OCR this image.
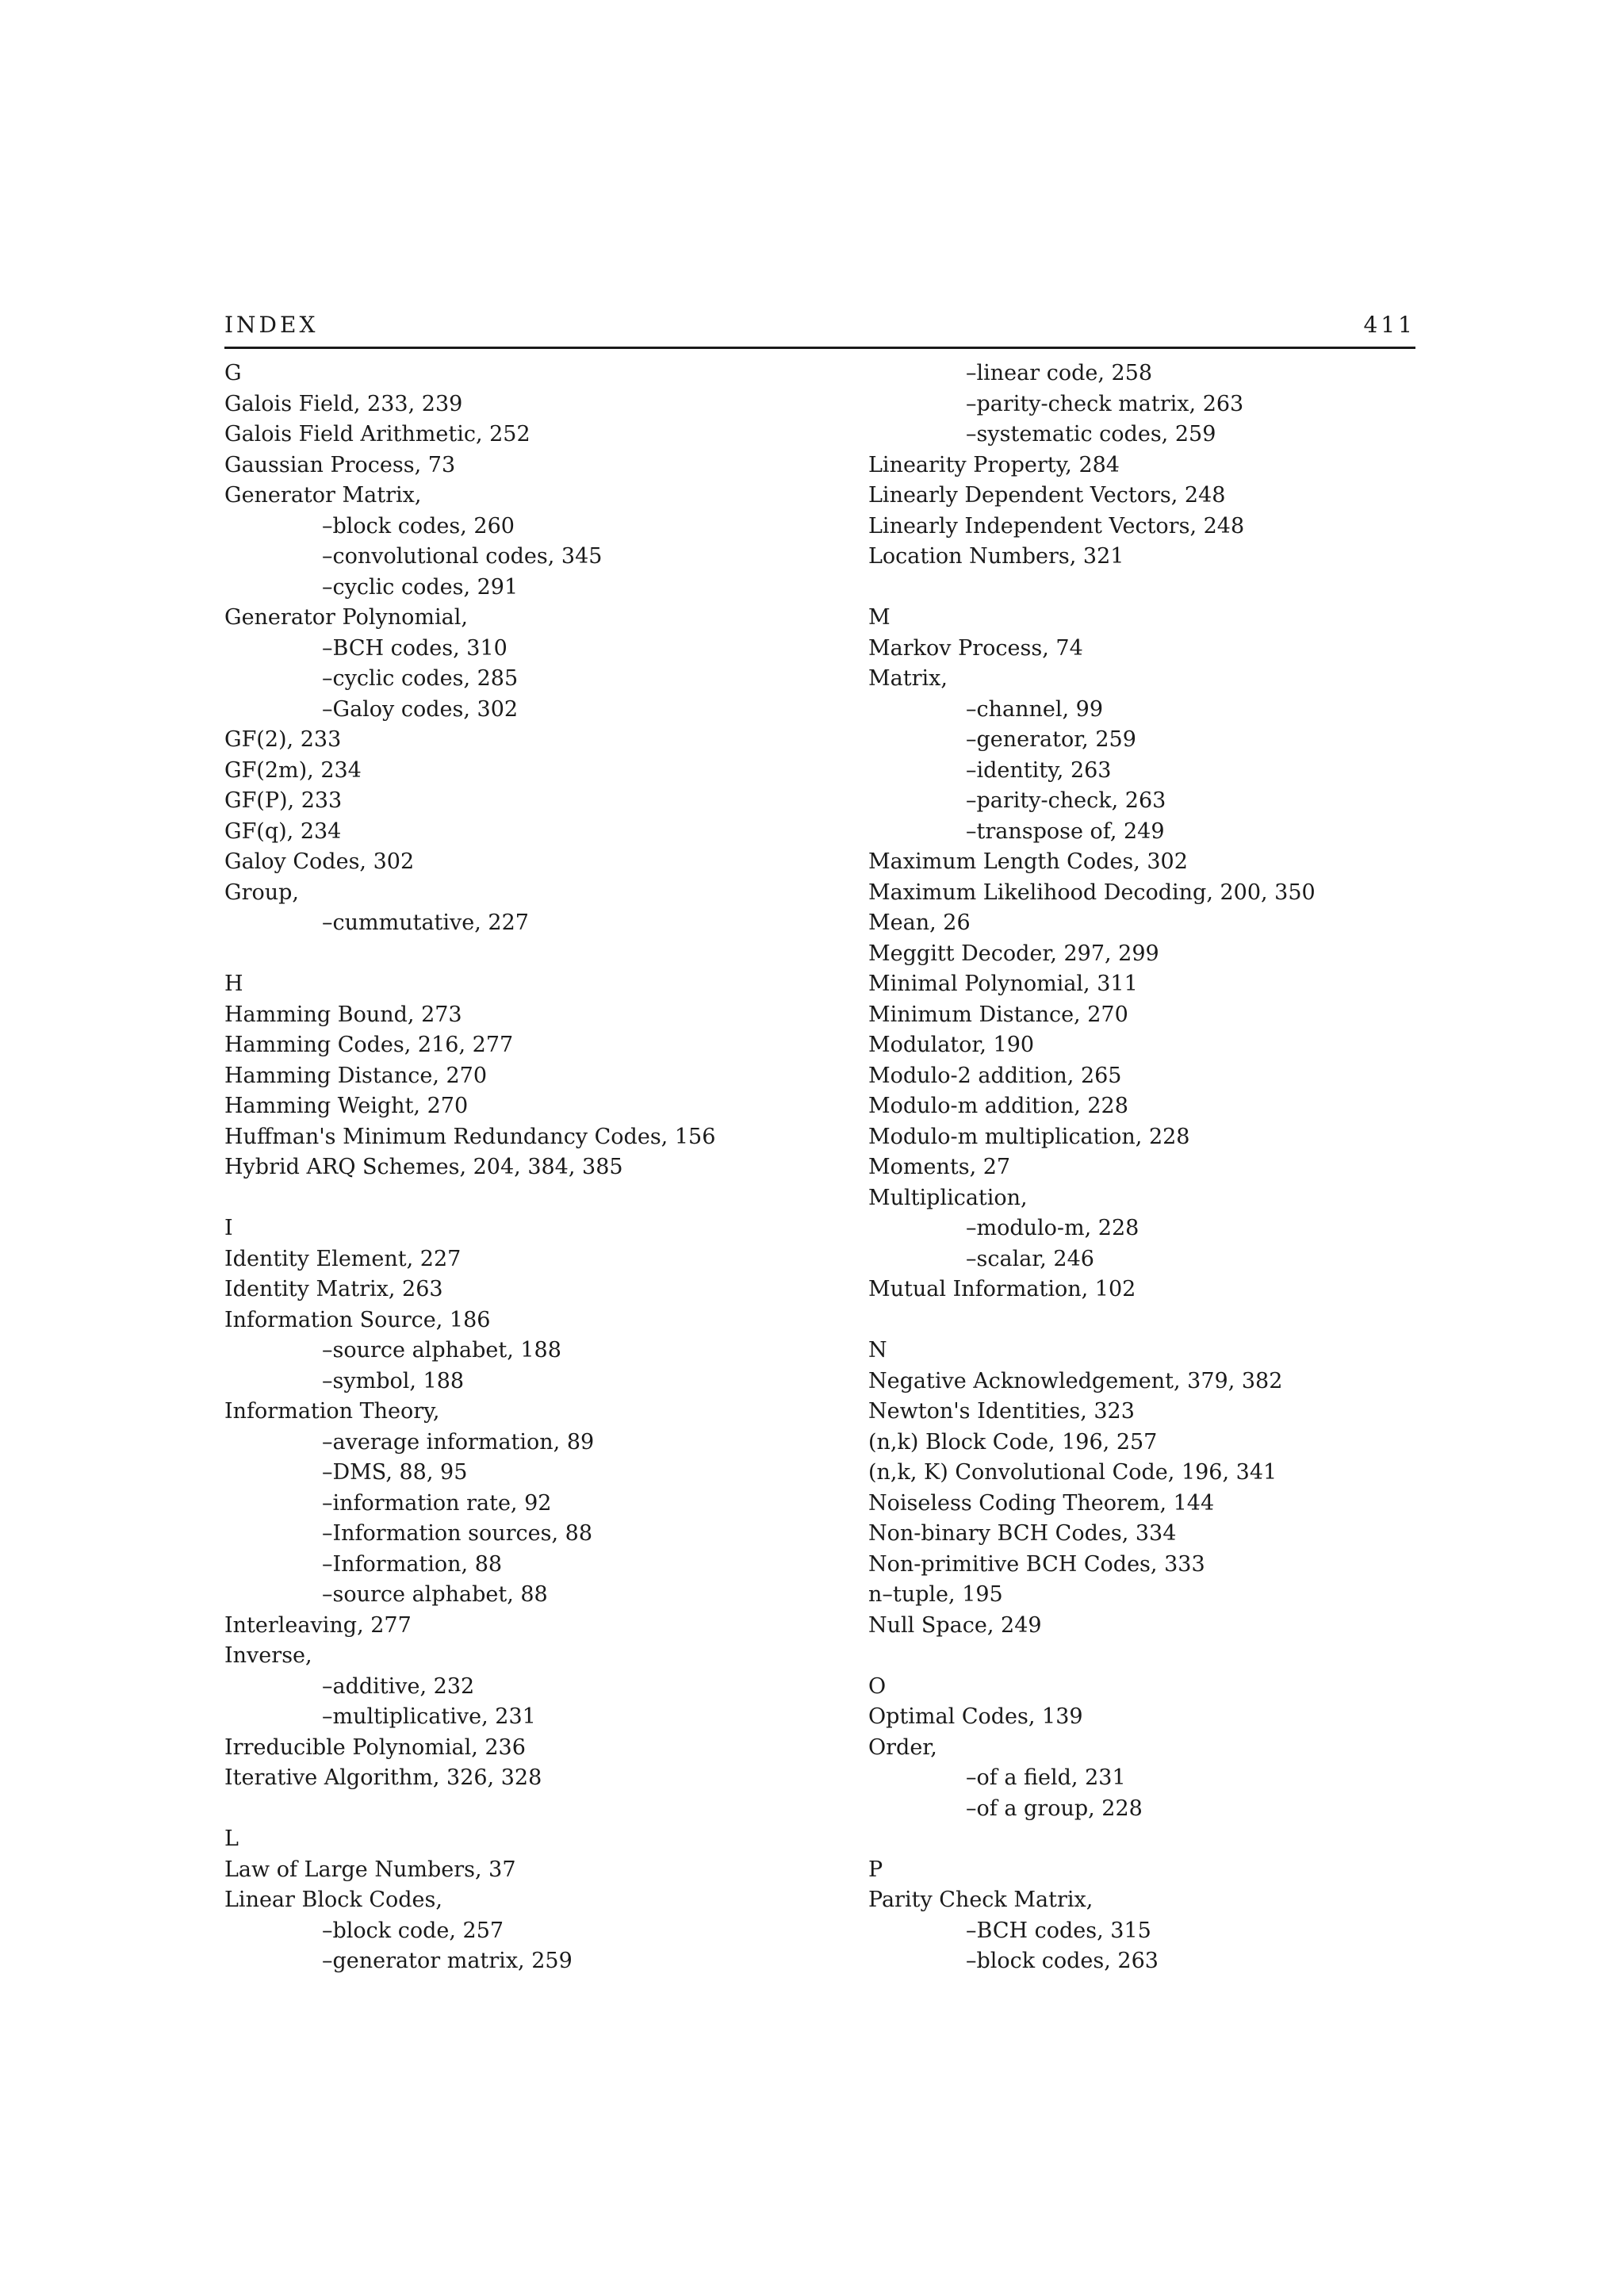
INDEX	411
G
Galois Field, 233, 239
Galois Field Arithmetic, 252
Gaussian Process, 73
Generator Matrix,
–block codes, 260
–convolutional codes, 345
–cyclic codes, 291
Generator Polynomial,
–BCH codes, 310
–cyclic codes, 285
–Galoy codes, 302
GF(2), 233
GF(2m), 234
GF(P), 233
GF(q), 234
Galoy Codes, 302
Group,
–cummutative, 227
H
Hamming Bound, 273
Hamming Codes, 216, 277
Hamming Distance, 270
Hamming Weight, 270
Huffman's Minimum Redundancy Codes, 156
Hybrid ARQ Schemes, 204, 384, 385
I
Identity Element, 227
Identity Matrix, 263
Information Source, 186
–source alphabet, 188
–symbol, 188
Information Theory,
–average information, 89
–DMS, 88, 95
–information rate, 92
–Information sources, 88
–Information, 88
–source alphabet, 88
Interleaving, 277
Inverse,
–additive, 232
–multiplicative, 231
Irreducible Polynomial, 236
Iterative Algorithm, 326, 328
L
Law of Large Numbers, 37
Linear Block Codes,
–block code, 257
–generator matrix, 259
–linear code, 258
–parity-check matrix, 263
–systematic codes, 259
Linearity Property, 284
Linearly Dependent Vectors, 248
Linearly Independent Vectors, 248
Location Numbers, 321
M
Markov Process, 74
Matrix,
–channel, 99
–generator, 259
–identity, 263
–parity-check, 263
–transpose of, 249
Maximum Length Codes, 302
Maximum Likelihood Decoding, 200, 350
Mean, 26
Meggitt Decoder, 297, 299
Minimal Polynomial, 311
Minimum Distance, 270
Modulator, 190
Modulo-2 addition, 265
Modulo-m addition, 228
Modulo-m multiplication, 228
Moments, 27
Multiplication,
–modulo-m, 228
–scalar, 246
Mutual Information, 102
N
Negative Acknowledgement, 379, 382
Newton's Identities, 323
(n,k) Block Code, 196, 257
(n,k, K) Convolutional Code, 196, 341
Noiseless Coding Theorem, 144
Non-binary BCH Codes, 334
Non-primitive BCH Codes, 333
n–tuple, 195
Null Space, 249
O
Optimal Codes, 139
Order,
–of a field, 231
–of a group, 228
P
Parity Check Matrix,
–BCH codes, 315
–block codes, 263
